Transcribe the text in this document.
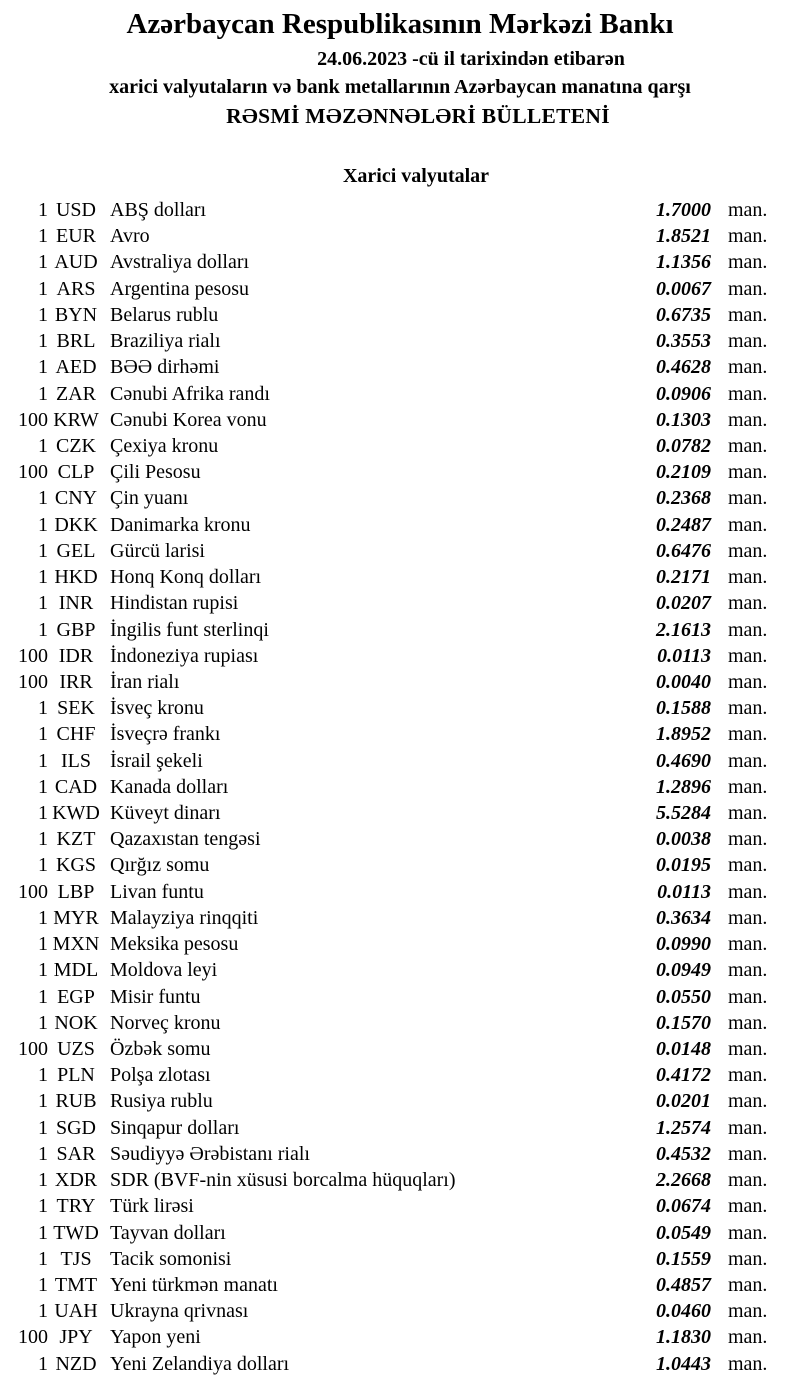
Azərbaycan Respublikasının Mərkəzi Bankı
24.06.2023 -cü il tarixindən etibarən
xarici valyutaların və bank metallarının Azərbaycan manatına qarşı
RƏSMİ MƏZƏNNƏLƏRİ BÜLLETENİ
Xarici valyutalar
1 USD ABŞ dolları	1.7000 man.
1 EUR Avro	1.8521 man.
1 AUD Avstraliya dolları	1.1356 man.
1 ARS Argentina pesosu	0.0067 man.
1 BYN Belarus rublu	0.6735 man.
1 BRL Braziliya rialı	0.3553 man.
1 AED BƏƏ dirhəmi	0.4628 man.
1 ZAR Cənubi Afrika randı	0.0906 man.
100 KRW Cənubi Korea vonu	0.1303 man.
1 CZK Çexiya kronu	0.0782 man.
100 CLP Çili Pesosu	0.2109 man.
1 CNY Çin yuanı	0.2368 man.
1 DKK Danimarka kronu	0.2487 man.
1 GEL Gürcü larisi	0.6476 man.
1 HKD Honq Konq dolları	0.2171 man.
1 INR Hindistan rupisi	0.0207 man.
1 GBP İngilis funt sterlinqi	2.1613 man.
100 IDR İndoneziya rupiası	0.0113 man.
100 IRR İran rialı	0.0040 man.
1 SEK İsveç kronu	0.1588 man.
1 CHF İsveçrə frankı	1.8952 man.
1 ILS İsrail şekeli	0.4690 man.
1 CAD Kanada dolları	1.2896 man.
1 KWD Küveyt dinarı	5.5284 man.
1 KZT Qazaxıstan tengəsi	0.0038 man.
1 KGS Qırğız somu	0.0195 man.
100 LBP Livan funtu	0.0113 man.
1 MYR Malayziya rinqqiti	0.3634 man.
1 MXN Meksika pesosu	0.0990 man.
1 MDL Moldova leyi	0.0949 man.
1 EGP Misir funtu	0.0550 man.
1 NOK Norveç kronu	0.1570 man.
100 UZS Özbək somu	0.0148 man.
1 PLN Polşa zlotası	0.4172 man.
1 RUB Rusiya rublu	0.0201 man.
1 SGD Sinqapur dolları	1.2574 man.
1 SAR Səudiyyə Ərəbistanı rialı	0.4532 man.
1 XDR SDR (BVF-nin xüsusi borcalma hüquqları)	2.2668 man.
1 TRY Türk lirəsi	0.0674 man.
1 TWD Tayvan dolları	0.0549 man.
1 TJS Tacik somonisi	0.1559 man.
1 TMT Yeni türkmən manatı	0.4857 man.
1 UAH Ukrayna qrivnası	0.0460 man.
100 JPY Yapon yeni	1.1830 man.
1 NZD Yeni Zelandiya dolları	1.0443 man.
